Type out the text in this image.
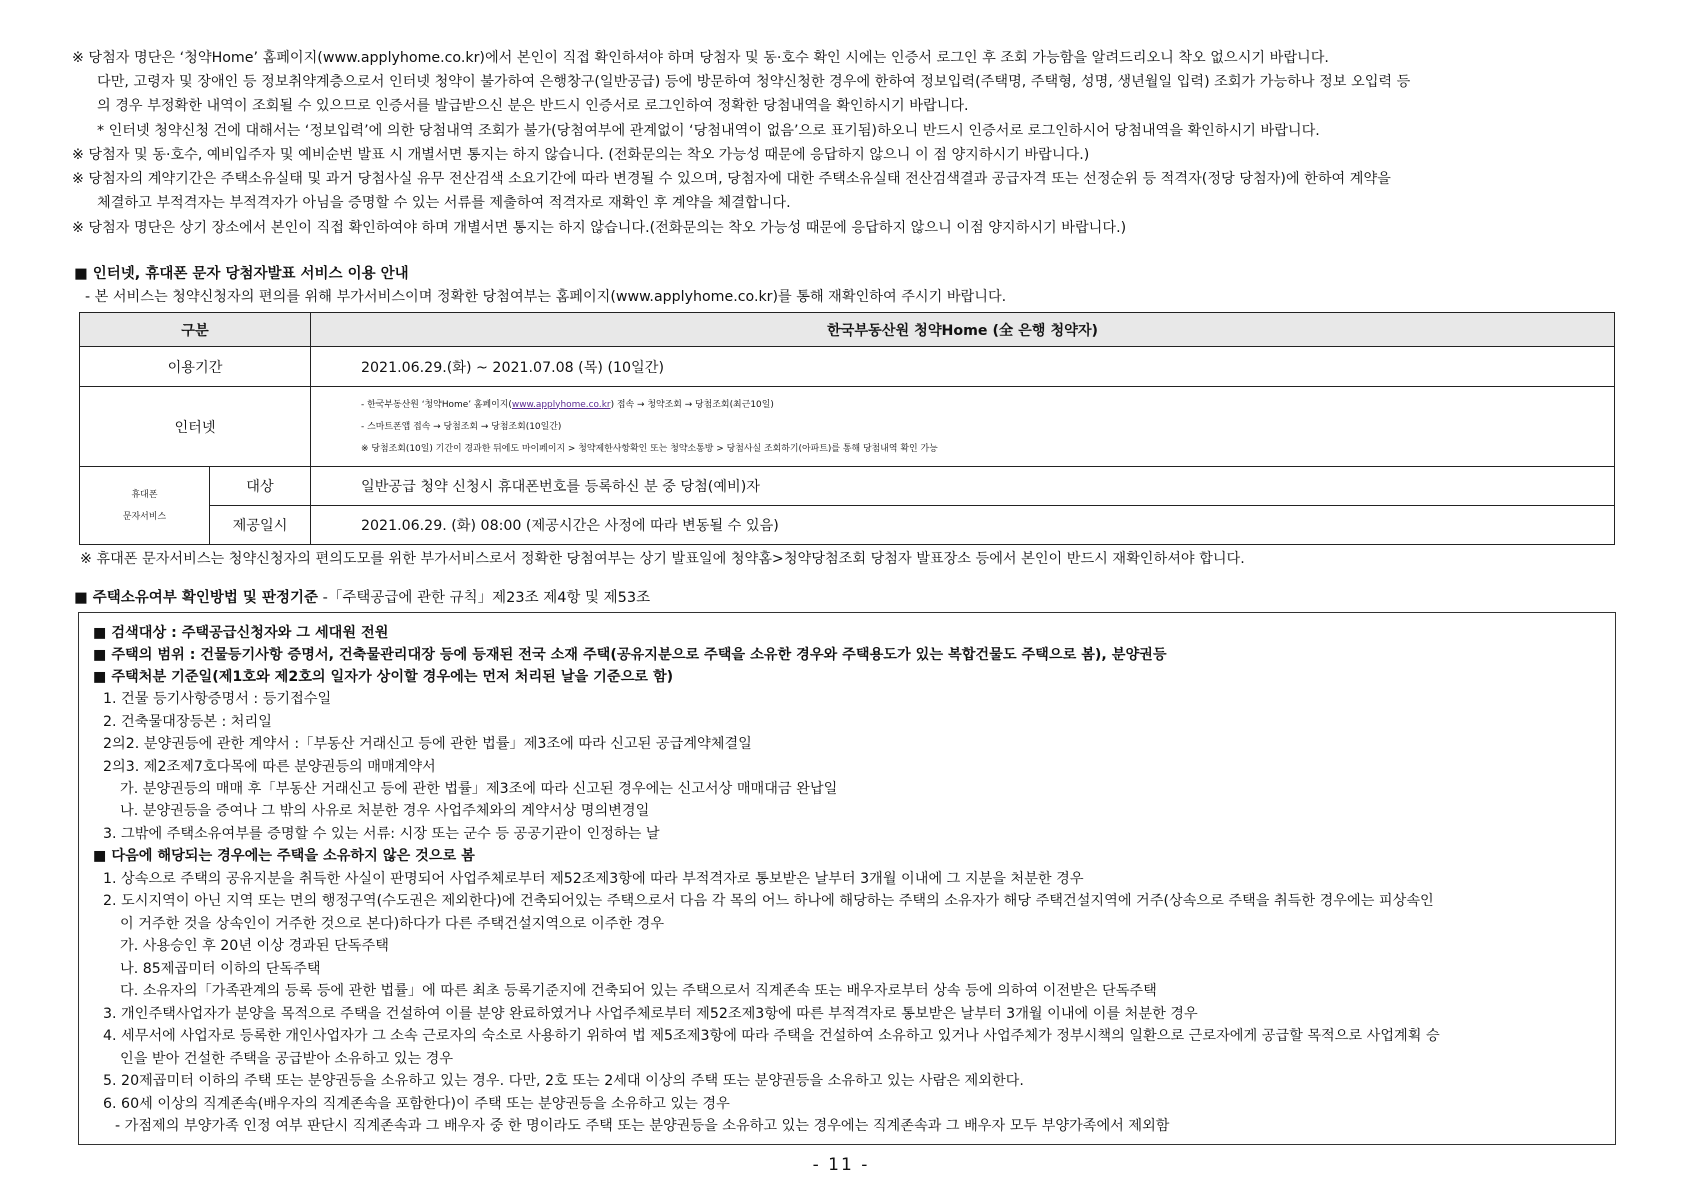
※ 당첨자 명단은 ‘청약Home’ 홈페이지(www.applyhome.co.kr)에서 본인이 직접 확인하셔야 하며 당첨자 및 동·호수 확인 시에는 인증서 로그인 후 조회 가능함을 알려드리오니 착오 없으시기 바랍니다.
다만, 고령자 및 장애인 등 정보취약계층으로서 인터넷 청약이 불가하여 은행창구(일반공급) 등에 방문하여 청약신청한 경우에 한하여 정보입력(주택명, 주택형, 성명, 생년월일 입력) 조회가 가능하나 정보 오입력 등
의 경우 부정확한 내역이 조회될 수 있으므로 인증서를 발급받으신 분은 반드시 인증서로 로그인하여 정확한 당첨내역을 확인하시기 바랍니다.
* 인터넷 청약신청 건에 대해서는 ‘정보입력’에 의한 당첨내역 조회가 불가(당첨여부에 관계없이 ‘당첨내역이 없음’으로 표기됨)하오니 반드시 인증서로 로그인하시어 당첨내역을 확인하시기 바랍니다.
※ 당첨자 및 동·호수, 예비입주자 및 예비순번 발표 시 개별서면 통지는 하지 않습니다. (전화문의는 착오 가능성 때문에 응답하지 않으니 이 점 양지하시기 바랍니다.)
※ 당첨자의 계약기간은 주택소유실태 및 과거 당첨사실 유무 전산검색 소요기간에 따라 변경될 수 있으며, 당첨자에 대한 주택소유실태 전산검색결과 공급자격 또는 선정순위 등 적격자(정당 당첨자)에 한하여 계약을
체결하고 부적격자는 부적격자가 아님을 증명할 수 있는 서류를 제출하여 적격자로 재확인 후 계약을 체결합니다.
※ 당첨자 명단은 상기 장소에서 본인이 직접 확인하여야 하며 개별서면 통지는 하지 않습니다.(전화문의는 착오 가능성 때문에 응답하지 않으니 이점 양지하시기 바랍니다.)
■ 인터넷, 휴대폰 문자 당첨자발표 서비스 이용 안내
- 본 서비스는 청약신청자의 편의를 위해 부가서비스이며 정확한 당첨여부는 홈페이지(www.applyhome.co.kr)를 통해 재확인하여 주시기 바랍니다.
구분		한국부동산원 청약Home (全 은행 청약자)
이용기간		2021.06.29.(화) ~ 2021.07.08 (목) (10일간)
인터넷		- 한국부동산원 ‘청약Home’ 홈페이지(www.applyhome.co.kr) 접속 → 청약조회 → 당첨조회(최근10일)
- 스마트폰앱 접속 → 당첨조회 → 당첨조회(10일간)
※ 당첨조회(10일) 기간이 경과한 뒤에도 마이페이지 > 청약제한사항확인 또는 청약소통방 > 당첨사실 조회하기(아파트)를 통해 당첨내역 확인 가능

휴대폰
문자서비스	대상	일반공급 청약 신청시 휴대폰번호를 등록하신 분 중 당첨(예비)자
	제공일시	2021.06.29. (화) 08:00 (제공시간은 사정에 따라 변동될 수 있음)
※ 휴대폰 문자서비스는 청약신청자의 편의도모를 위한 부가서비스로서 정확한 당첨여부는 상기 발표일에 청약홈>청약당첨조회 당첨자 발표장소 등에서 본인이 반드시 재확인하셔야 합니다.
■ 주택소유여부 확인방법 및 판정기준 -「주택공급에 관한 규칙」제23조 제4항 및 제53조
■ 검색대상 : 주택공급신청자와 그 세대원 전원
■ 주택의 범위 : 건물등기사항 증명서, 건축물관리대장 등에 등재된 전국 소재 주택(공유지분으로 주택을 소유한 경우와 주택용도가 있는 복합건물도 주택으로 봄), 분양권등
■ 주택처분 기준일(제1호와 제2호의 일자가 상이할 경우에는 먼저 처리된 날을 기준으로 함)
1. 건물 등기사항증명서 : 등기접수일
2. 건축물대장등본 : 처리일
2의2. 분양권등에 관한 계약서 :「부동산 거래신고 등에 관한 법률」제3조에 따라 신고된 공급계약체결일
2의3. 제2조제7호다목에 따른 분양권등의 매매계약서
가. 분양권등의 매매 후「부동산 거래신고 등에 관한 법률」제3조에 따라 신고된 경우에는 신고서상 매매대금 완납일
나. 분양권등을 증여나 그 밖의 사유로 처분한 경우 사업주체와의 계약서상 명의변경일
3. 그밖에 주택소유여부를 증명할 수 있는 서류: 시장 또는 군수 등 공공기관이 인정하는 날
■ 다음에 해당되는 경우에는 주택을 소유하지 않은 것으로 봄
1. 상속으로 주택의 공유지분을 취득한 사실이 판명되어 사업주체로부터 제52조제3항에 따라 부적격자로 통보받은 날부터 3개월 이내에 그 지분을 처분한 경우
2. 도시지역이 아닌 지역 또는 면의 행정구역(수도권은 제외한다)에 건축되어있는 주택으로서 다음 각 목의 어느 하나에 해당하는 주택의 소유자가 해당 주택건설지역에 거주(상속으로 주택을 취득한 경우에는 피상속인
이 거주한 것을 상속인이 거주한 것으로 본다)하다가 다른 주택건설지역으로 이주한 경우
가. 사용승인 후 20년 이상 경과된 단독주택
나. 85제곱미터 이하의 단독주택
다. 소유자의「가족관계의 등록 등에 관한 법률」에 따른 최초 등록기준지에 건축되어 있는 주택으로서 직계존속 또는 배우자로부터 상속 등에 의하여 이전받은 단독주택
3. 개인주택사업자가 분양을 목적으로 주택을 건설하여 이를 분양 완료하였거나 사업주체로부터 제52조제3항에 따른 부적격자로 통보받은 날부터 3개월 이내에 이를 처분한 경우
4. 세무서에 사업자로 등록한 개인사업자가 그 소속 근로자의 숙소로 사용하기 위하여 법 제5조제3항에 따라 주택을 건설하여 소유하고 있거나 사업주체가 정부시책의 일환으로 근로자에게 공급할 목적으로 사업계획 승
인을 받아 건설한 주택을 공급받아 소유하고 있는 경우
5. 20제곱미터 이하의 주택 또는 분양권등을 소유하고 있는 경우. 다만, 2호 또는 2세대 이상의 주택 또는 분양권등을 소유하고 있는 사람은 제외한다.
6. 60세 이상의 직계존속(배우자의 직계존속을 포함한다)이 주택 또는 분양권등을 소유하고 있는 경우
- 가점제의 부양가족 인정 여부 판단시 직계존속과 그 배우자 중 한 명이라도 주택 또는 분양권등을 소유하고 있는 경우에는 직계존속과 그 배우자 모두 부양가족에서 제외함
- 11 -
